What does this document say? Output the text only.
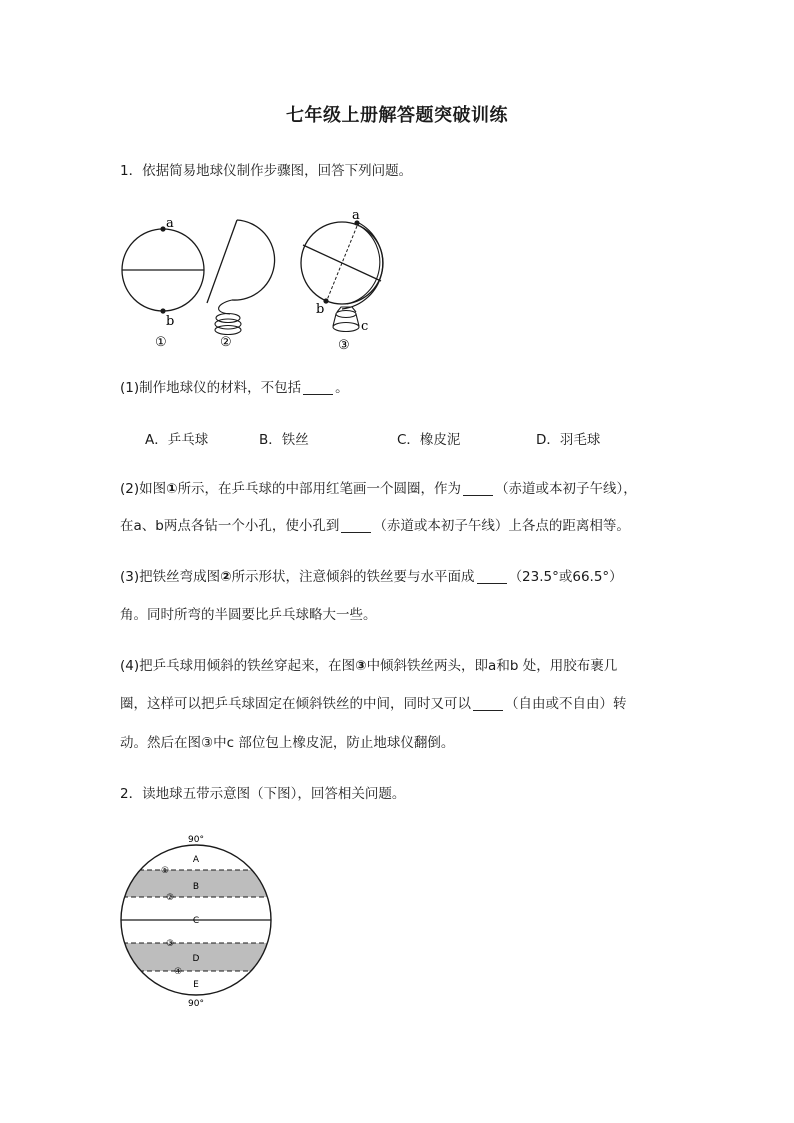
七年级上册解答题突破训练
1．依据简易地球仪制作步骤图，回答下列问题。
a
b
①	②
a
b
c
③
(1)制作地球仪的材料，不包括	。
A．乒乓球	B．铁丝	C．橡皮泥	D．羽毛球
(2)如图①所示，在乒乓球的中部用红笔画一个圆圈，作为	（赤道或本初子午线），
在a、b两点各钻一个小孔，使小孔到	（赤道或本初子午线）上各点的距离相等。
(3)把铁丝弯成图②所示形状，注意倾斜的铁丝要与水平面成	（23.5°或66.5°）
角。同时所弯的半圆要比乒乓球略大一些。
(4)把乒乓球用倾斜的铁丝穿起来，在图③中倾斜铁丝两头，即a和b 处，用胶布裹几
圈，这样可以把乒乓球固定在倾斜铁丝的中间，同时又可以	（自由或不自由）转
动。然后在图③中c 部位包上橡皮泥，防止地球仪翻倒。
2．读地球五带示意图（下图），回答相关问题。
90°
90°
A
B
C
D
E
①
②
③
④
